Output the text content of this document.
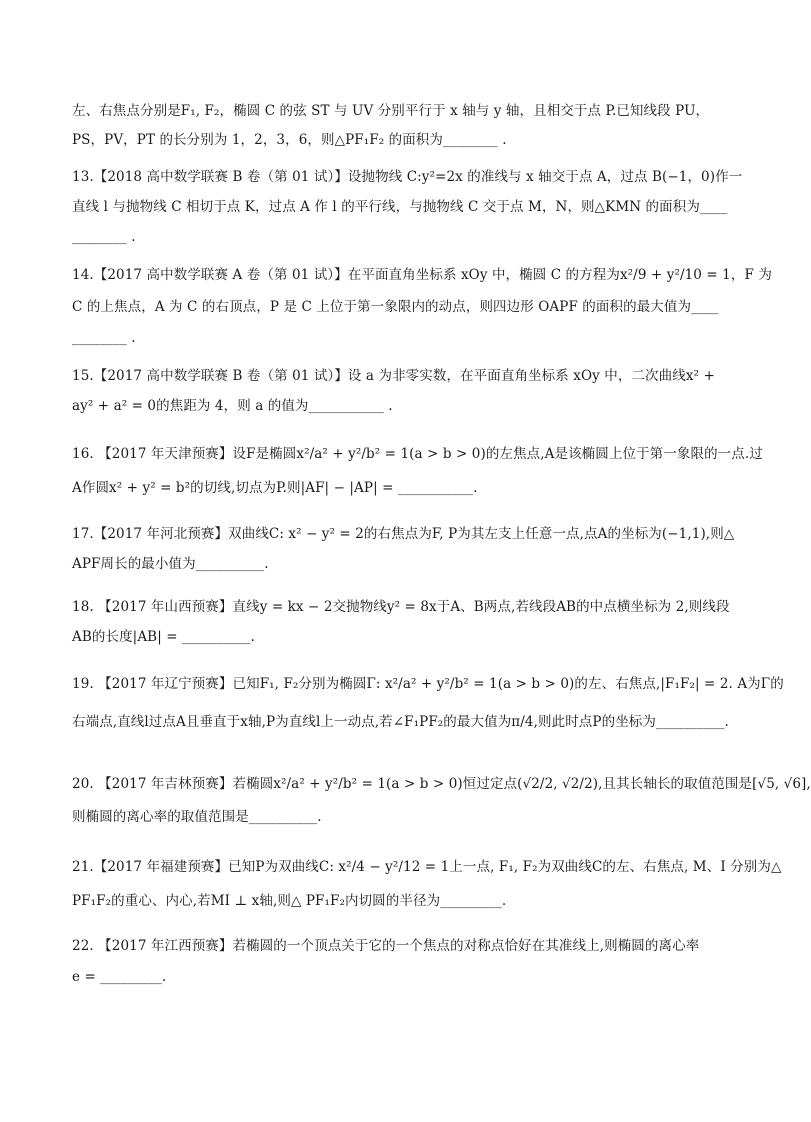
左、右焦点分别是F₁, F₂，椭圆 C 的弦 ST 与 UV 分别平行于 x 轴与 y 轴，且相交于点 P.已知线段 PU，
PS，PV，PT 的长分别为 1，2，3，6，则△PF₁F₂ 的面积为________ .
13.【2018 高中数学联赛 B 卷（第 01 试）】设抛物线 C:y²=2x 的准线与 x 轴交于点 A，过点 B(−1，0)作一
直线 l 与抛物线 C 相切于点 K，过点 A 作 l 的平行线，与抛物线 C 交于点 M，N，则△KMN 的面积为____
________ .
14.【2017 高中数学联赛 A 卷（第 01 试）】在平面直角坐标系 xOy 中，椭圆 C 的方程为x²/9 + y²/10 = 1，F 为
C 的上焦点，A 为 C 的右顶点，P 是 C 上位于第一象限内的动点，则四边形 OAPF 的面积的最大值为____
________ .
15.【2017 高中数学联赛 B 卷（第 01 试）】设 a 为非零实数，在平面直角坐标系 xOy 中，二次曲线x² +
ay² + a² = 0的焦距为 4，则 a 的值为___________ .
16. 【2017 年天津预赛】设F是椭圆x²/a² + y²/b² = 1(a > b > 0)的左焦点,A是该椭圆上位于第一象限的一点.过
A作圆x² + y² = b²的切线,切点为P.则|AF| − |AP| = ___________.
17.【2017 年河北预赛】双曲线C: x² − y² = 2的右焦点为F, P为其左支上任意一点,点A的坐标为(−1,1),则△
APF周长的最小值为__________.
18. 【2017 年山西预赛】直线y = kx − 2交抛物线y² = 8x于A、B两点,若线段AB的中点横坐标为 2,则线段
AB的长度|AB| = __________.
19. 【2017 年辽宁预赛】已知F₁, F₂分别为椭圆Γ: x²/a² + y²/b² = 1(a > b > 0)的左、右焦点,|F₁F₂| = 2. A为Γ的
右端点,直线l过点A且垂直于x轴,P为直线l上一动点,若∠F₁PF₂的最大值为π/4,则此时点P的坐标为__________.
20. 【2017 年吉林预赛】若椭圆x²/a² + y²/b² = 1(a > b > 0)恒过定点(√2/2, √2/2),且其长轴长的取值范围是[√5, √6],
则椭圆的离心率的取值范围是__________.
21.【2017 年福建预赛】已知P为双曲线C: x²/4 − y²/12 = 1上一点, F₁, F₂为双曲线C的左、右焦点, M、I 分别为△
PF₁F₂的重心、内心,若MI ⊥ x轴,则△ PF₁F₂内切圆的半径为_________.
22. 【2017 年江西预赛】若椭圆的一个顶点关于它的一个焦点的对称点恰好在其准线上,则椭圆的离心率
e = _________.
